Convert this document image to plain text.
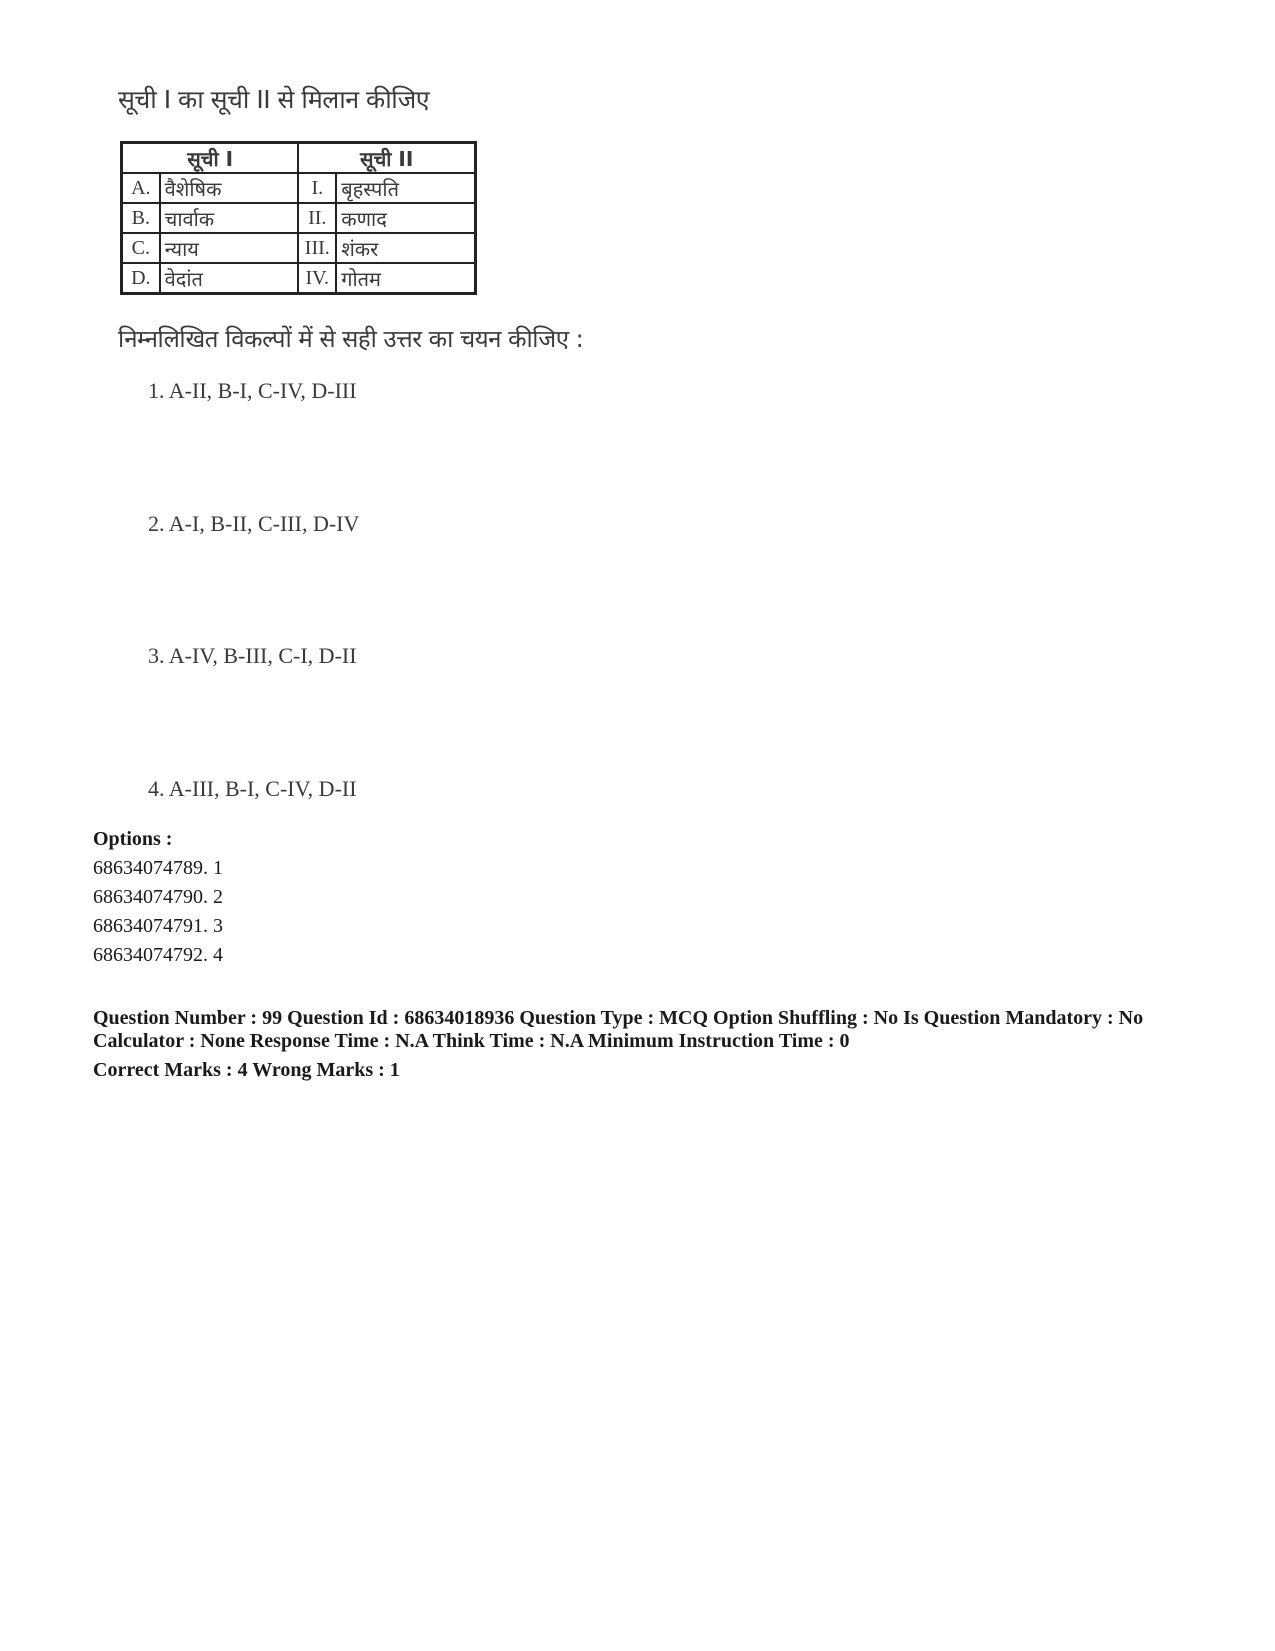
सूची I का सूची II से मिलान कीजिए
सूची I		सूची II	
A.	वैशेषिक	I.	बृहस्पति
B.	चार्वाक	II.	कणाद
C.	न्याय	III.	शंकर
D.	वेदांत	IV.	गोतम
निम्नलिखित विकल्पों में से सही उत्तर का चयन कीजिए :
1. A-II, B-I, C-IV, D-III
2. A-I, B-II, C-III, D-IV
3. A-IV, B-III, C-I, D-II
4. A-III, B-I, C-IV, D-II
Options :
68634074789. 1
68634074790. 2
68634074791. 3
68634074792. 4
Question Number : 99 Question Id : 68634018936 Question Type : MCQ Option Shuffling : No Is Question Mandatory : No Calculator : None Response Time : N.A Think Time : N.A Minimum Instruction Time : 0
Correct Marks : 4 Wrong Marks : 1
